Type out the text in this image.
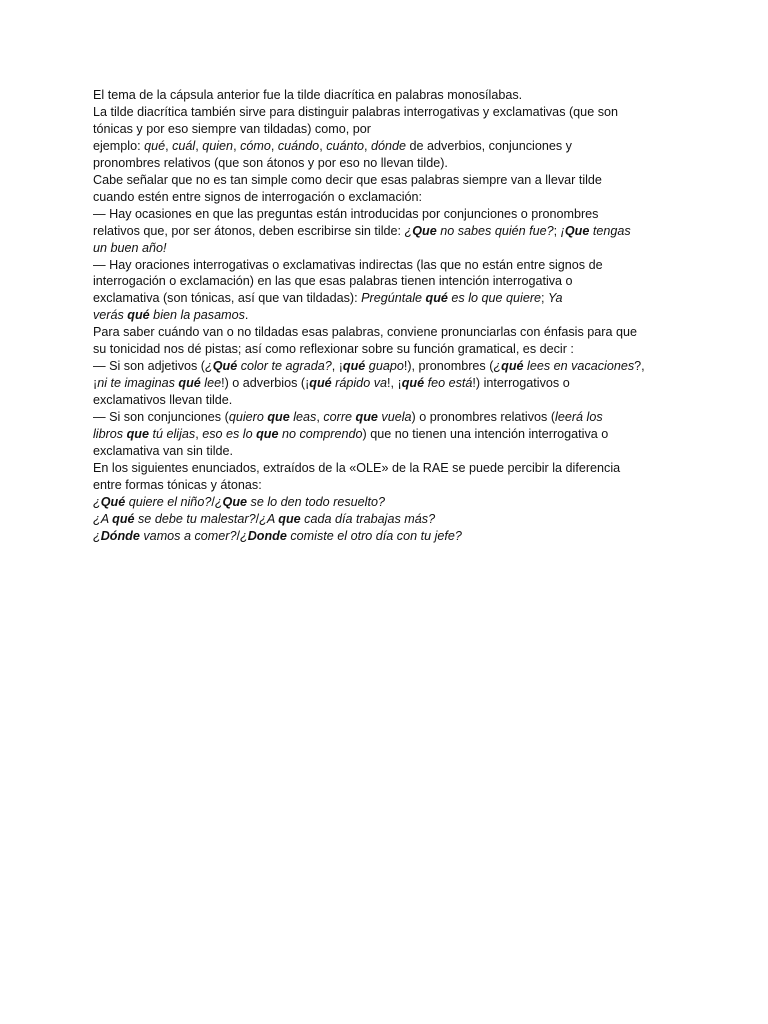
El tema de la cápsula anterior fue la tilde diacrítica en palabras monosílabas.
La tilde diacrítica también sirve para distinguir palabras interrogativas y exclamativas (que son
tónicas y por eso siempre van tildadas) como, por
ejemplo: qué, cuál, quien, cómo, cuándo, cuánto, dónde de adverbios, conjunciones y
pronombres relativos (que son átonos y por eso no llevan tilde).
Cabe señalar que no es tan simple como decir que esas palabras siempre van a llevar tilde
cuando estén entre signos de interrogación o exclamación:
— Hay ocasiones en que las preguntas están introducidas por conjunciones o pronombres
relativos que, por ser átonos, deben escribirse sin tilde: ¿Que no sabes quién fue?; ¡Que tengas
un buen año!
— Hay oraciones interrogativas o exclamativas indirectas (las que no están entre signos de
interrogación o exclamación) en las que esas palabras tienen intención interrogativa o
exclamativa (son tónicas, así que van tildadas): Pregúntale qué es lo que quiere; Ya
verás qué bien la pasamos.
Para saber cuándo van o no tildadas esas palabras, conviene pronunciarlas con énfasis para que
su tonicidad nos dé pistas; así como reflexionar sobre su función gramatical, es decir :
— Si son adjetivos (¿Qué color te agrada?, ¡qué guapo!), pronombres (¿qué lees en vacaciones?,
¡ni te imaginas qué lee!) o adverbios (¡qué rápido va!, ¡qué feo está!) interrogativos o
exclamativos llevan tilde.
— Si son conjunciones (quiero que leas, corre que vuela) o pronombres relativos (leerá los
libros que tú elijas, eso es lo que no comprendo) que no tienen una intención interrogativa o
exclamativa van sin tilde.
En los siguientes enunciados, extraídos de la «OLE» de la RAE se puede percibir la diferencia
entre formas tónicas y átonas:
¿Qué quiere el niño?/¿Que se lo den todo resuelto?
¿A qué se debe tu malestar?/¿A que cada día trabajas más?
¿Dónde vamos a comer?/¿Donde comiste el otro día con tu jefe?
